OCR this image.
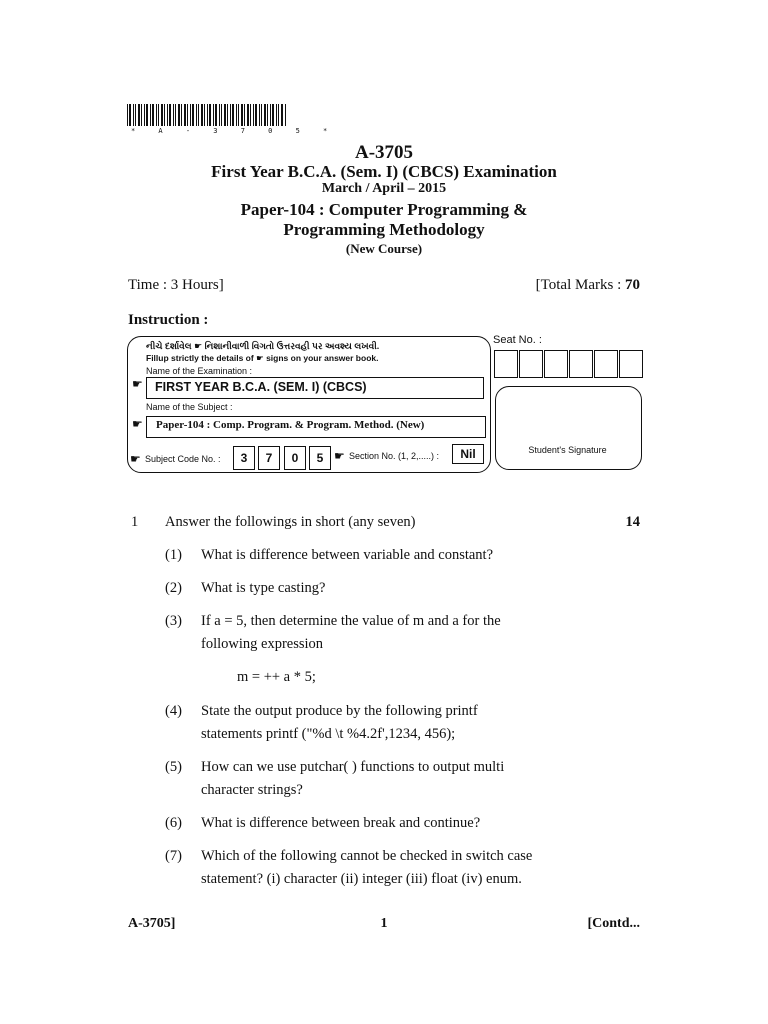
* A - 3 7 0 5 *
A-3705
First Year B.C.A. (Sem. I) (CBCS) Examination
March / April – 2015
Paper-104 : Computer Programming &
Programming Methodology
(New Course)
Time : 3 Hours]	[Total Marks : 70
Instruction :
નીચે દર્શાવેલ ☛ નિશાનીવાળી વિગતો ઉત્તરવહી પર અવશ્ય લખવી.
Fillup strictly the details of ☛ signs on your answer book.
Name of the Examination :
☛ FIRST YEAR B.C.A. (SEM. I) (CBCS)
Name of the Subject :
☛ Paper-104 : Comp. Program. & Program. Method. (New)
☛ Subject Code No. :	3	7	0	5 ☛ Section No. (1, 2,.....) :	Nil
Seat No. :
Student's Signature
1 Answer the followings in short (any seven)	14
(1) What is difference between variable and constant?
(2) What is type casting?
(3) If a = 5, then determine the value of m and a for the
following expression
m = ++ a * 5;
(4) State the output produce by the following printf
statements printf ("%d \t %4.2f',1234, 456);
(5) How can we use putchar( ) functions to output multi
character strings?
(6) What is difference between break and continue?
(7) Which of the following cannot be checked in switch case
statement? (i) character (ii) integer (iii) float (iv) enum.
A-3705]	1	[Contd...
